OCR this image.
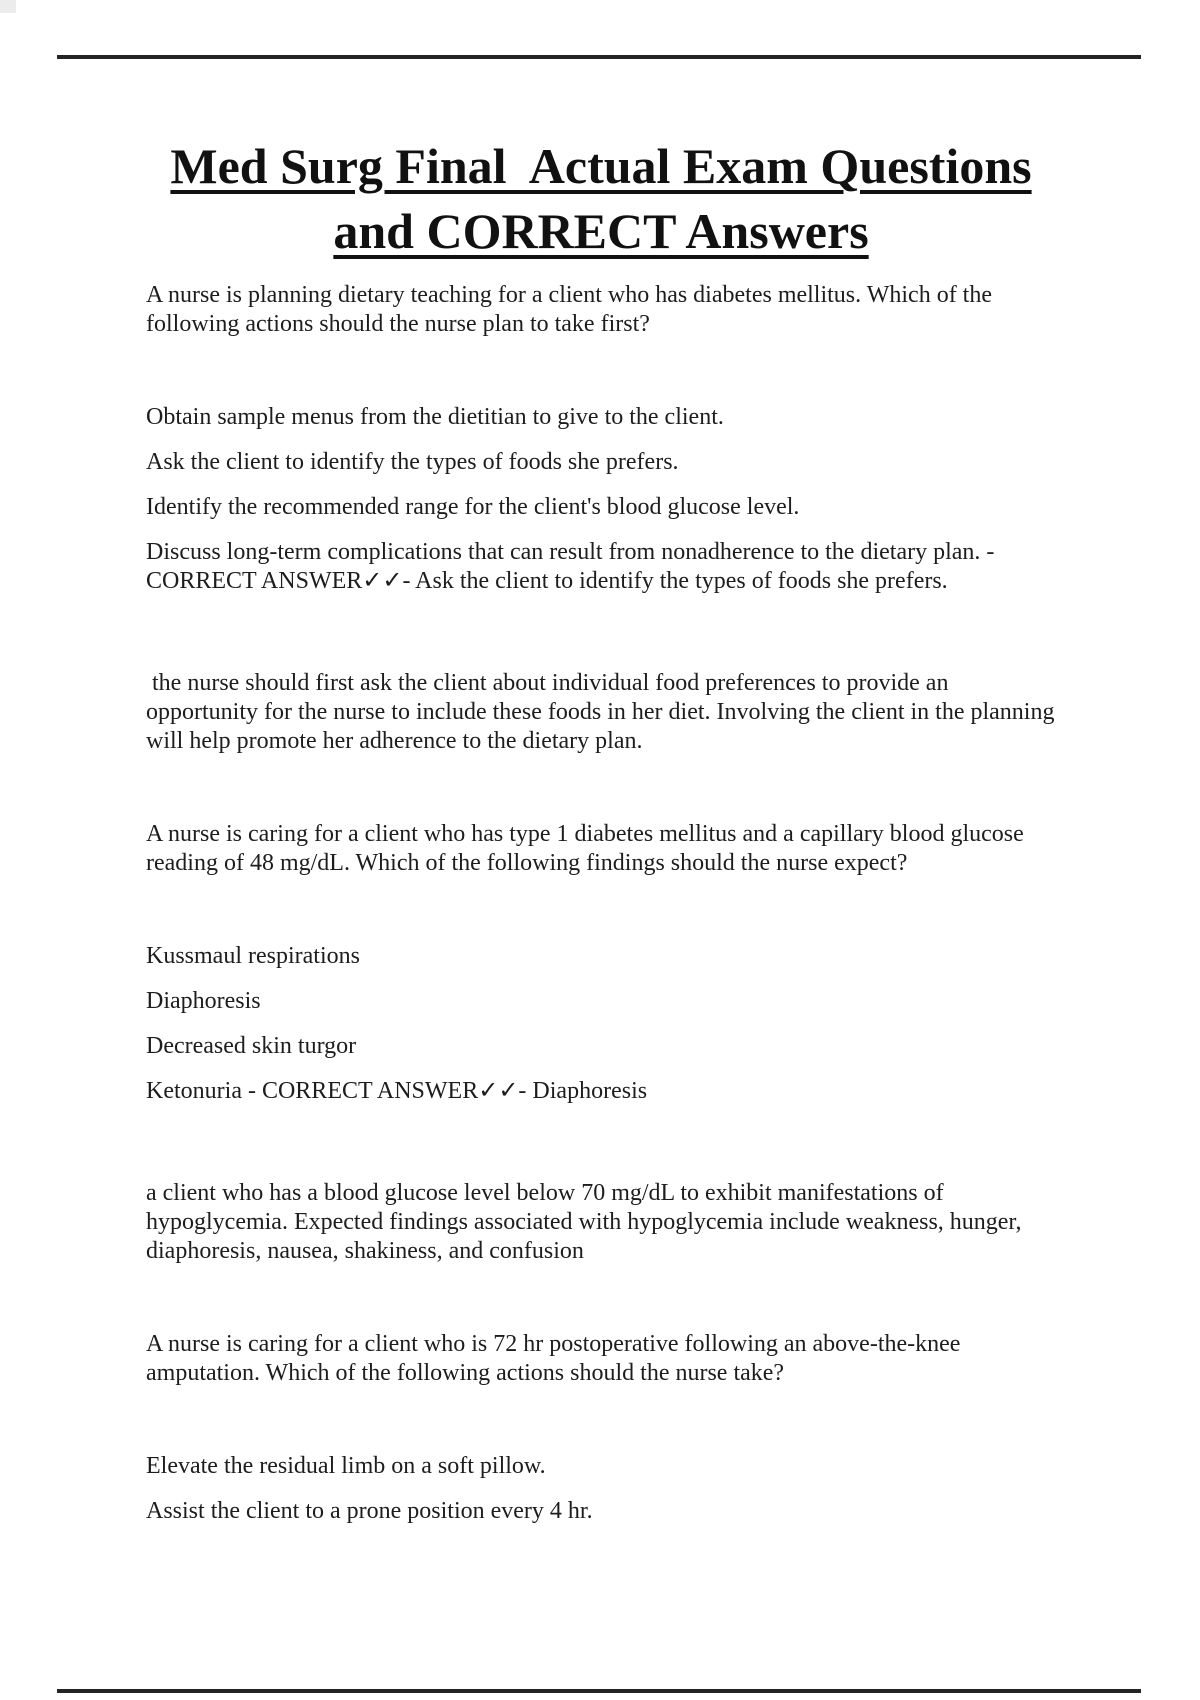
Med Surg Final  Actual Exam Questions
and CORRECT Answers

A nurse is planning dietary teaching for a client who has diabetes mellitus. Which of the following actions should the nurse plan to take first?

Obtain sample menus from the dietitian to give to the client.

Ask the client to identify the types of foods she prefers.

Identify the recommended range for the client's blood glucose level.

Discuss long-term complications that can result from nonadherence to the dietary plan. - CORRECT ANSWER✓✓- Ask the client to identify the types of foods she prefers.

the nurse should first ask the client about individual food preferences to provide an opportunity for the nurse to include these foods in her diet. Involving the client in the planning will help promote her adherence to the dietary plan.

A nurse is caring for a client who has type 1 diabetes mellitus and a capillary blood glucose reading of 48 mg/dL. Which of the following findings should the nurse expect?

Kussmaul respirations

Diaphoresis

Decreased skin turgor

Ketonuria - CORRECT ANSWER✓✓- Diaphoresis

a client who has a blood glucose level below 70 mg/dL to exhibit manifestations of hypoglycemia. Expected findings associated with hypoglycemia include weakness, hunger, diaphoresis, nausea, shakiness, and confusion

A nurse is caring for a client who is 72 hr postoperative following an above-the-knee amputation. Which of the following actions should the nurse take?

Elevate the residual limb on a soft pillow.

Assist the client to a prone position every 4 hr.
